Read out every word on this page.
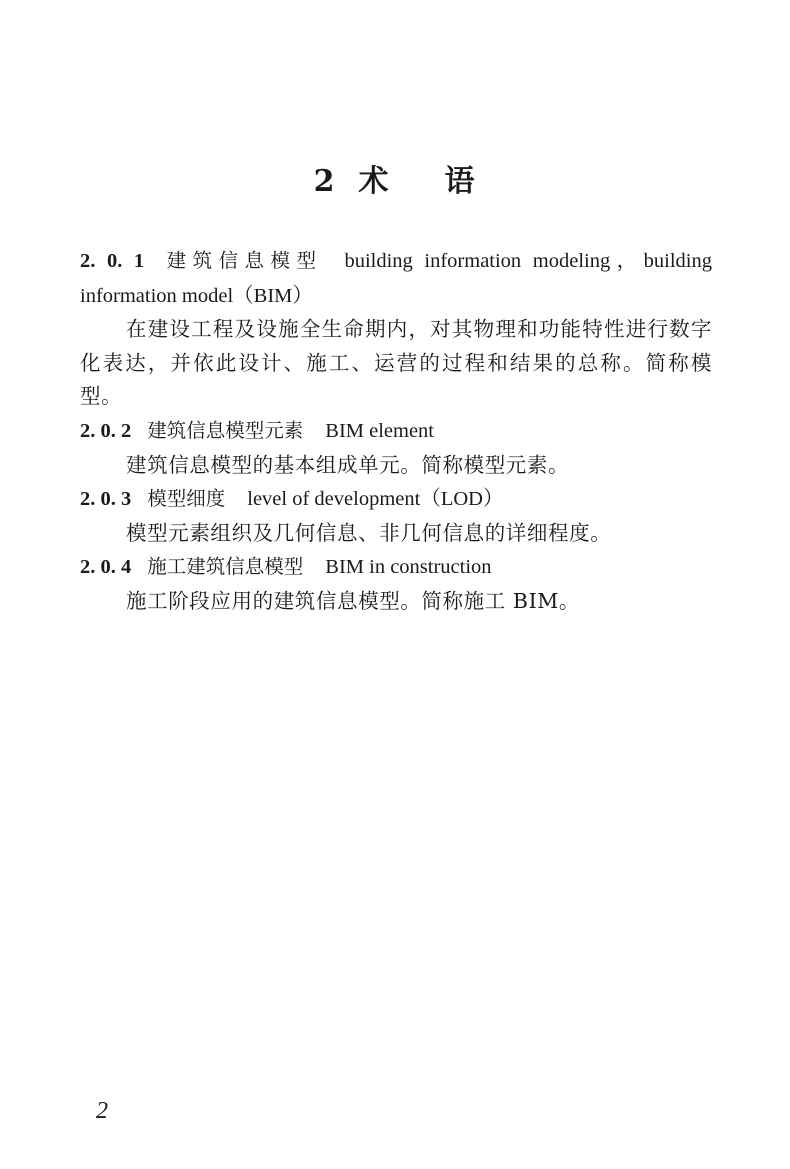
2 术 语

2. 0. 1 建筑信息模型 building information modeling，building information model（BIM）

在建设工程及设施全生命期内，对其物理和功能特性进行数字化表达，并依此设计、施工、运营的过程和结果的总称。简称模型。

2. 0. 2 建筑信息模型元素 BIM element

建筑信息模型的基本组成单元。简称模型元素。

2. 0. 3 模型细度 level of development（LOD）

模型元素组织及几何信息、非几何信息的详细程度。

2. 0. 4 施工建筑信息模型 BIM in construction

施工阶段应用的建筑信息模型。简称施工 BIM。

2
